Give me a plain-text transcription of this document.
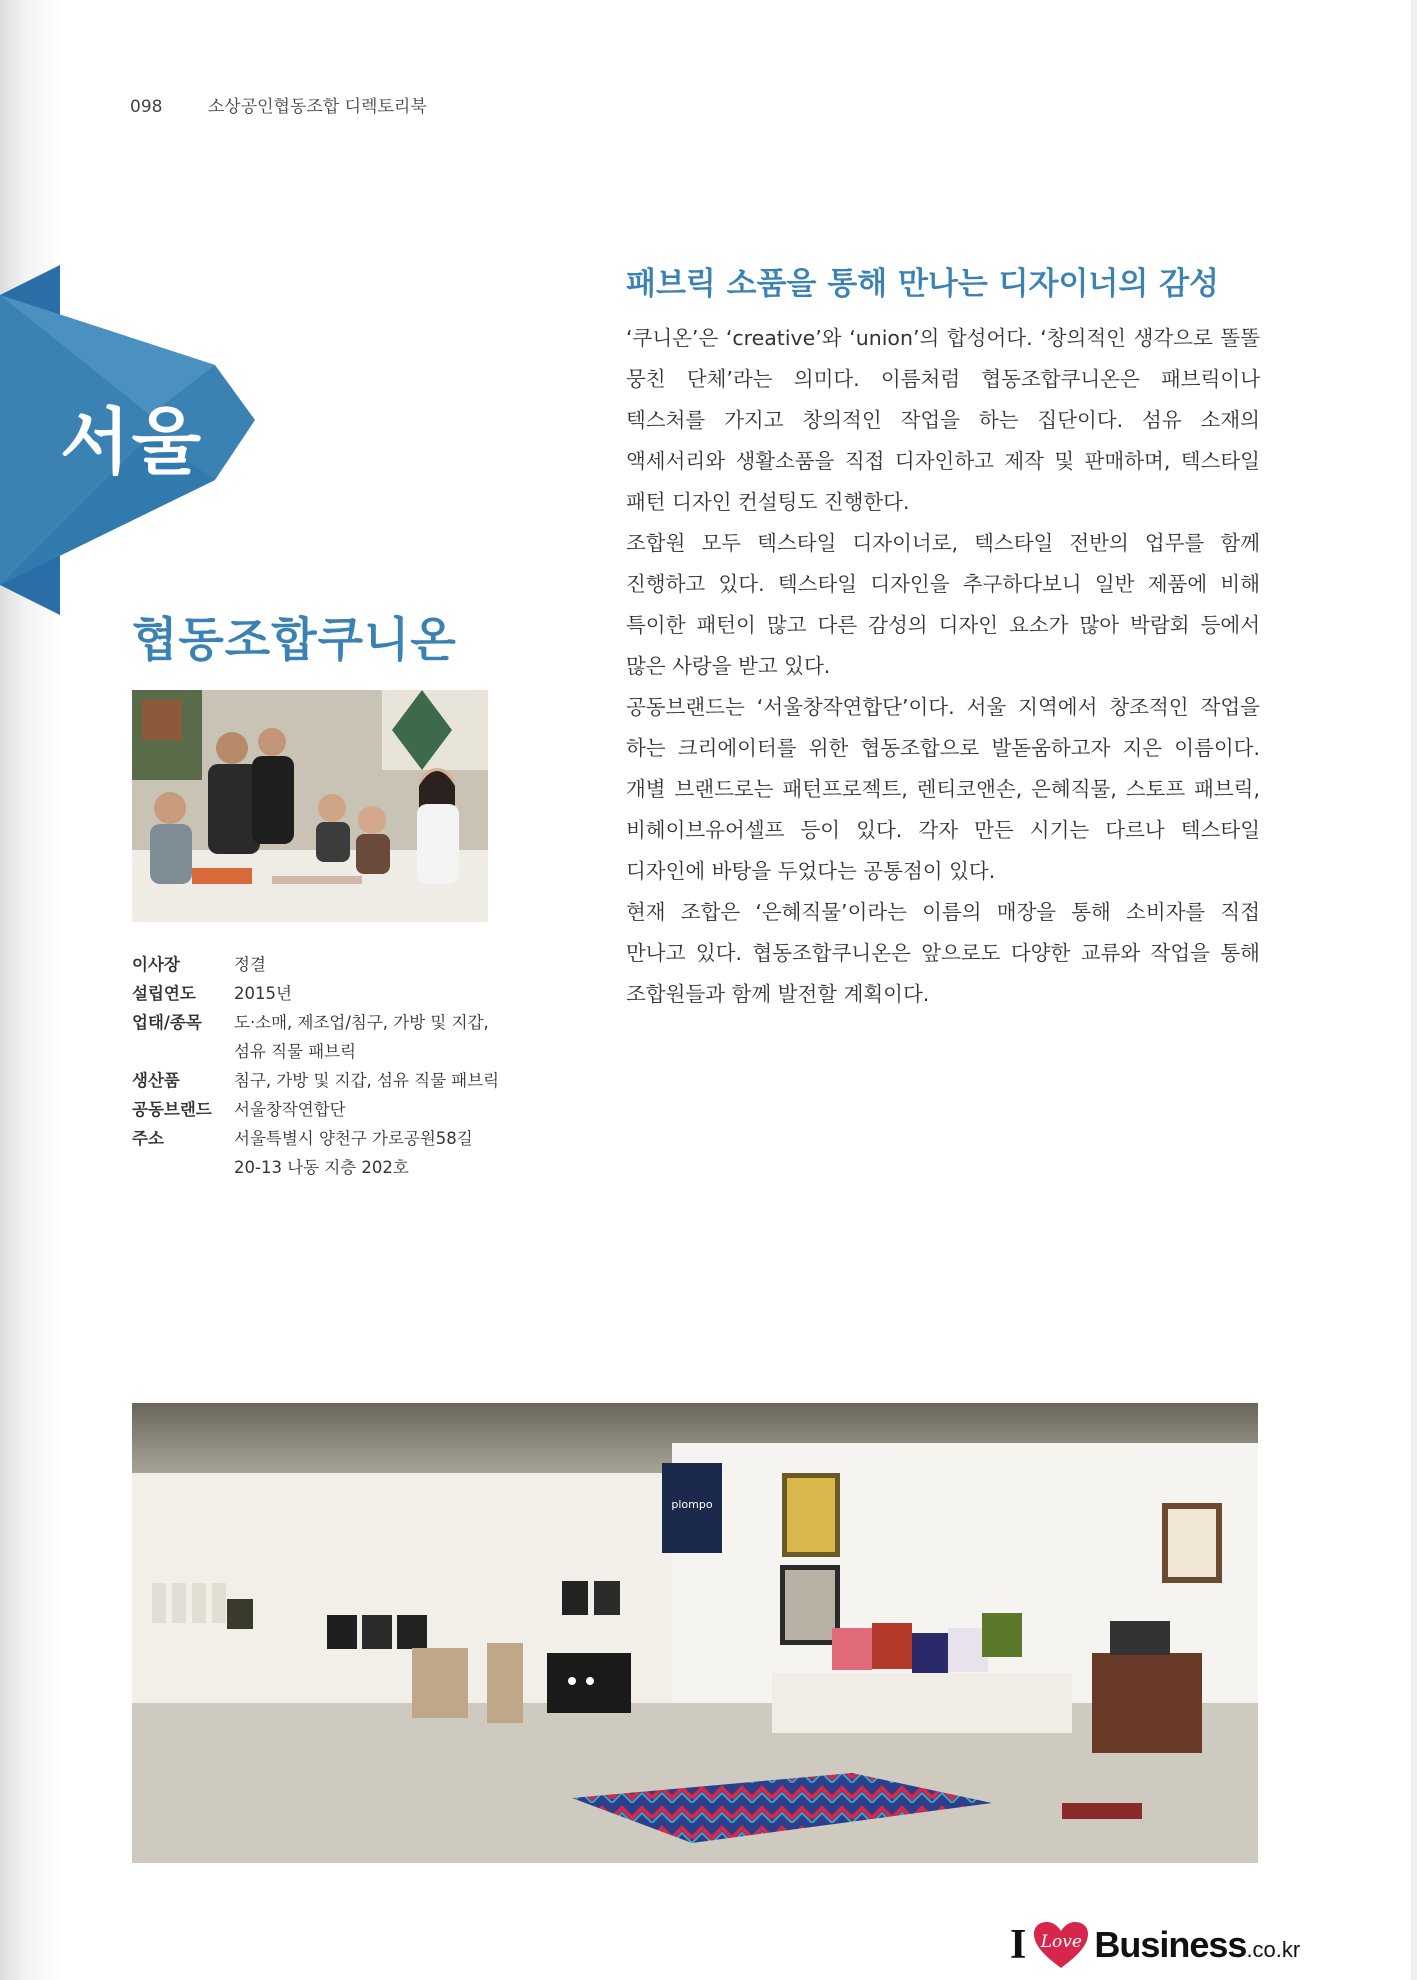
098	소상공인협동조합 디렉토리북
서울
협동조합쿠니온
이사장	정결
설립연도	2015년
업태/종목	도·소매, 제조업/침구, 가방 및 지갑,
섬유 직물 패브릭
생산품	침구, 가방 및 지갑, 섬유 직물 패브릭
공동브랜드	서울창작연합단
주소	서울특별시 양천구 가로공원58길
20-13 나동 지층 202호
패브릭 소품을 통해 만나는 디자이너의 감성

‘쿠니온’은 ‘creative’와 ‘union’의 합성어다. ‘창의적인 생각으로 똘똘 뭉친 단체’라는 의미다. 이름처럼 협동조합쿠니온은 패브릭이나 텍스처를 가지고 창의적인 작업을 하는 집단이다. 섬유 소재의 액세서리와 생활소품을 직접 디자인하고 제작 및 판매하며, 텍스타일 패턴 디자인 컨설팅도 진행한다.

조합원 모두 텍스타일 디자이너로, 텍스타일 전반의 업무를 함께 진행하고 있다. 텍스타일 디자인을 추구하다보니 일반 제품에 비해 특이한 패턴이 많고 다른 감성의 디자인 요소가 많아 박람회 등에서 많은 사랑을 받고 있다.

공동브랜드는 ‘서울창작연합단’이다. 서울 지역에서 창조적인 작업을 하는 크리에이터를 위한 협동조합으로 발돋움하고자 지은 이름이다. 개별 브랜드로는 패턴프로젝트, 렌티코앤손, 은혜직물, 스토프 패브릭, 비헤이브유어셀프 등이 있다. 각자 만든 시기는 다르나 텍스타일 디자인에 바탕을 두었다는 공통점이 있다.

현재 조합은 ‘은혜직물’이라는 이름의 매장을 통해 소비자를 직접 만나고 있다. 협동조합쿠니온은 앞으로도 다양한 교류와 작업을 통해 조합원들과 함께 발전할 계획이다.

plompo
I Love Business .co.kr
